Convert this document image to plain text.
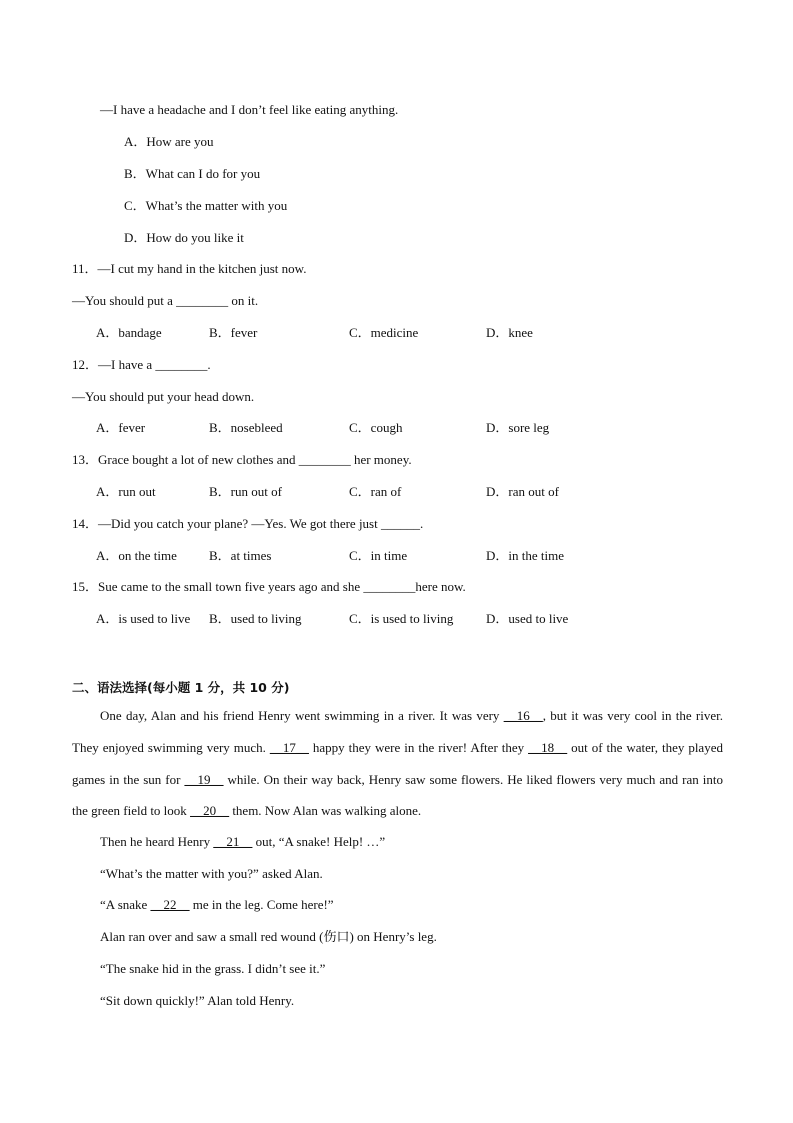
—I have a headache and I don’t feel like eating anything.
A．How are you
B．What can I do for you
C．What’s the matter with you
D．How do you like it
11．—I cut my hand in the kitchen just now.
—You should put a ________ on it.
A．bandage	B．fever	C．medicine	D．knee
12．—I have a ________.
—You should put your head down.
A．fever	B．nosebleed	C．cough	D．sore leg
13．Grace bought a lot of new clothes and ________ her money.
A．run out	B．run out of	C．ran of	D．ran out of
14．—Did you catch your plane? —Yes. We got there just ______.
A．on the time B．at times	C．in time	D．in the time
15．Sue came to the small town five years ago and she ________here now.
A．is used to live B．used to living	C．is used to living	D．used to live
二、语法选择(每小题 1 分，共 10 分)
One day, Alan and his friend Henry went swimming in a river. It was very __16__, but it was very cool in the river. They enjoyed swimming very much. __17__ happy they were in the river! After they __18__ out of the water, they played games in the sun for __19__ while. On their way back, Henry saw some flowers. He liked flowers very much and ran into the green field to look __20__ them. Now Alan was walking alone.
Then he heard Henry __21__ out, “A snake! Help! …”
“What’s the matter with you?” asked Alan.
“A snake __22__ me in the leg. Come here!”
Alan ran over and saw a small red wound (伤口) on Henry’s leg.
“The snake hid in the grass. I didn’t see it.”
“Sit down quickly!” Alan told Henry.
